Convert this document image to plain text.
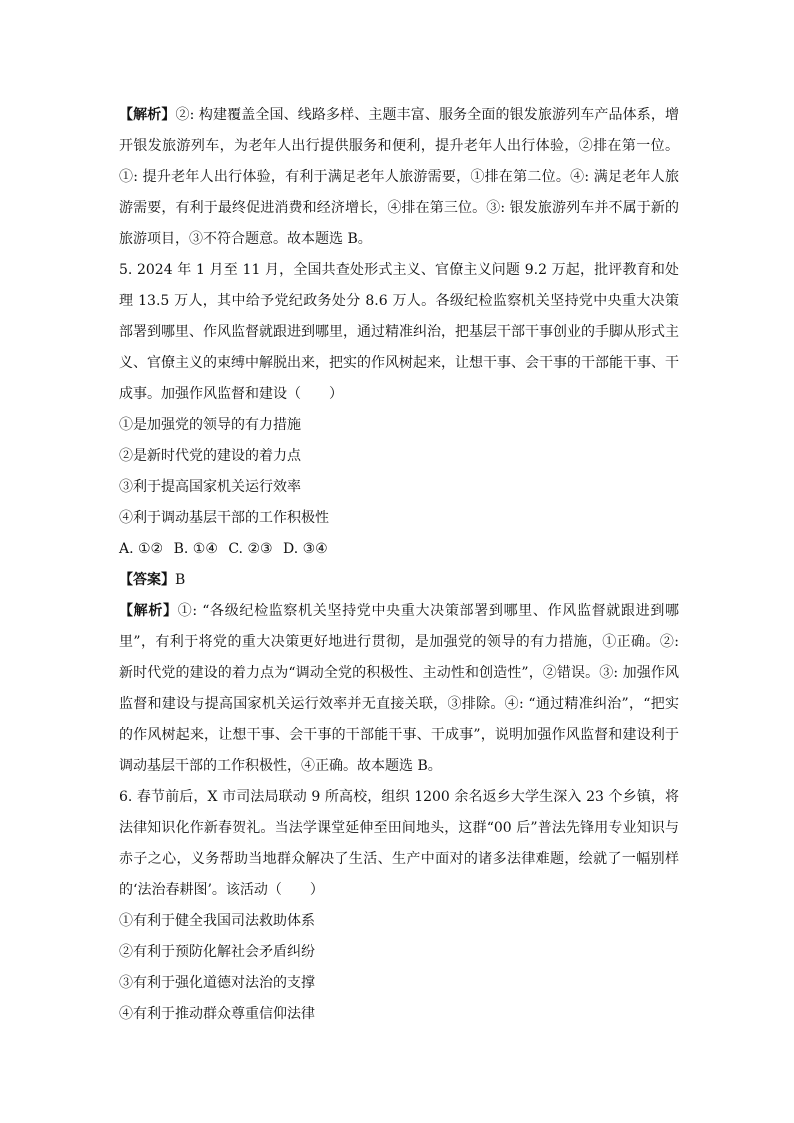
【解析】②: 构建覆盖全国、线路多样、主题丰富、服务全面的银发旅游列车产品体系，增开银发旅游列车，为老年人出行提供服务和便利，提升老年人出行体验，②排在第一位。①: 提升老年人出行体验，有利于满足老年人旅游需要，①排在第二位。④: 满足老年人旅游需要，有利于最终促进消费和经济增长，④排在第三位。③: 银发旅游列车并不属于新的旅游项目，③不符合题意。故本题选 B。

5. 2024 年 1 月至 11 月，全国共查处形式主义、官僚主义问题 9.2 万起，批评教育和处理 13.5 万人，其中给予党纪政务处分 8.6 万人。各级纪检监察机关坚持党中央重大决策部署到哪里、作风监督就跟进到哪里，通过精准纠治，把基层干部干事创业的手脚从形式主义、官僚主义的束缚中解脱出来，把实的作风树起来，让想干事、会干事的干部能干事、干成事。加强作风监督和建设（　　）

①是加强党的领导的有力措施

②是新时代党的建设的着力点

③利于提高国家机关运行效率

④利于调动基层干部的工作积极性

A. ①② B. ①④ C. ②③ D. ③④

【答案】B

【解析】①: “各级纪检监察机关坚持党中央重大决策部署到哪里、作风监督就跟进到哪里”，有利于将党的重大决策更好地进行贯彻，是加强党的领导的有力措施，①正确。②: 新时代党的建设的着力点为“调动全党的积极性、主动性和创造性”，②错误。③: 加强作风监督和建设与提高国家机关运行效率并无直接关联，③排除。④: “通过精准纠治”，“把实的作风树起来，让想干事、会干事的干部能干事、干成事”，说明加强作风监督和建设利于调动基层干部的工作积极性，④正确。故本题选 B。

6. 春节前后，X 市司法局联动 9 所高校，组织 1200 余名返乡大学生深入 23 个乡镇，将法律知识化作新春贺礼。当法学课堂延伸至田间地头，这群“00 后”普法先锋用专业知识与赤子之心，义务帮助当地群众解决了生活、生产中面对的诸多法律难题，绘就了一幅别样的‘法治春耕图’。该活动（　　）

①有利于健全我国司法救助体系

②有利于预防化解社会矛盾纠纷

③有利于强化道德对法治的支撑

④有利于推动群众尊重信仰法律
